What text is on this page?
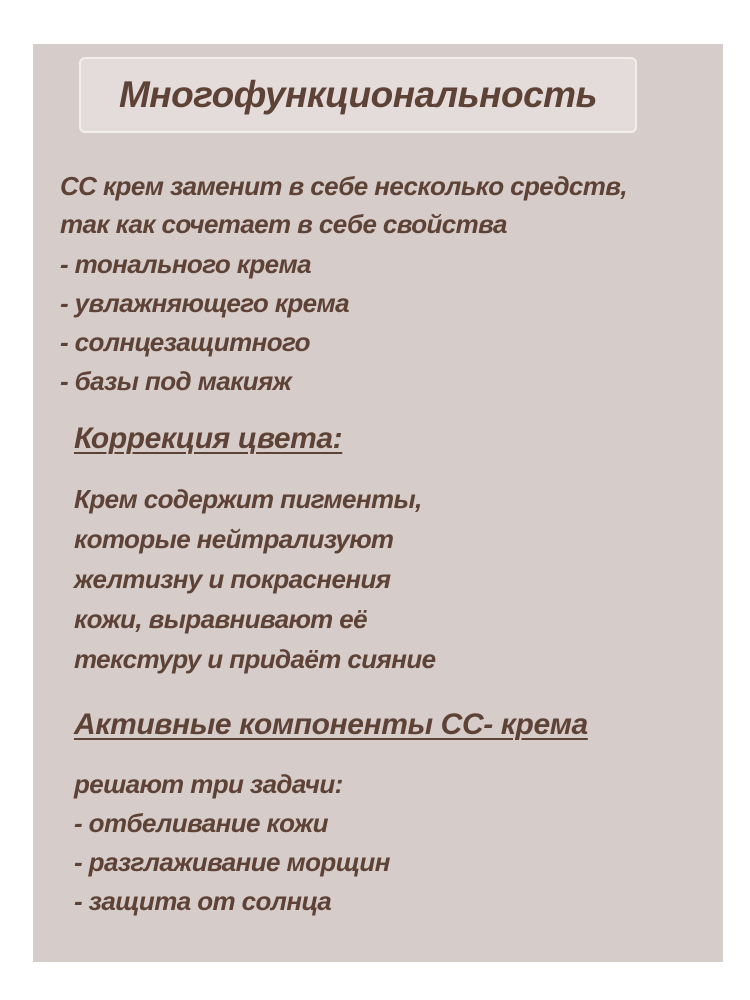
Многофункциональность
СС крем заменит в себе несколько средств,
так как сочетает в себе свойства
- тонального крема
- увлажняющего крема
- солнцезащитного
- базы под макияж
Коррекция цвета:
Крем содержит пигменты,
которые нейтрализуют
желтизну и покраснения
кожи, выравнивают её
текстуру и придаёт сияние
Активные компоненты СС- крема
решают три задачи:
- отбеливание кожи
- разглаживание морщин
- защита от солнца
